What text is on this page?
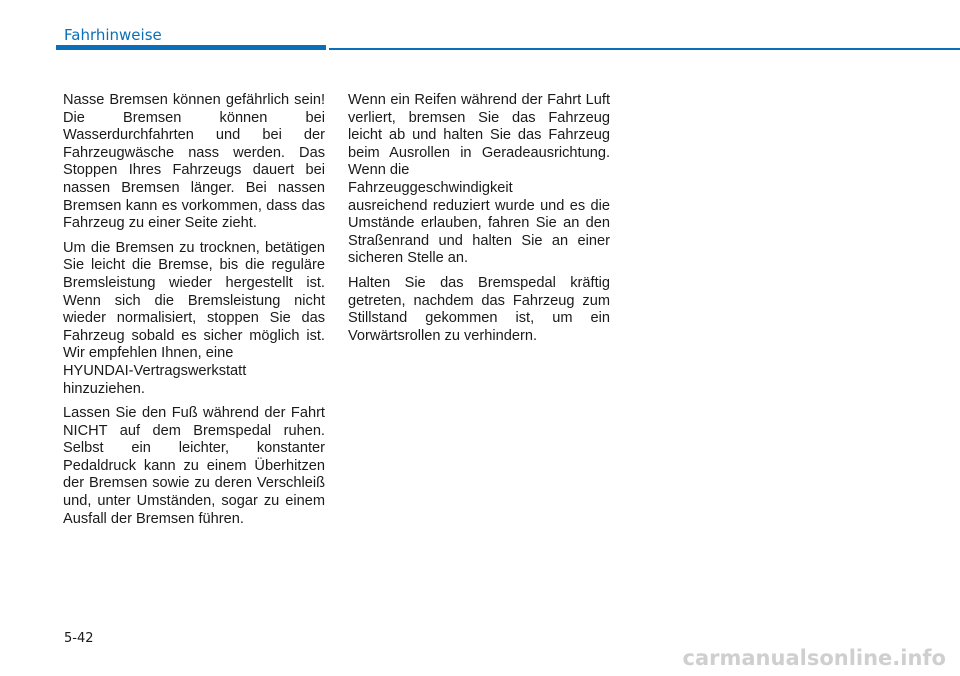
Fahrhinweise

Nasse Bremsen können gefährlich sein! Die Bremsen können bei Wasserdurchfahrten und bei der Fahrzeugwäsche nass werden. Das Stoppen Ihres Fahrzeugs dauert bei nassen Bremsen länger. Bei nassen Bremsen kann es vorkommen, dass das Fahrzeug zu einer Seite zieht.

Um die Bremsen zu trocknen, betätigen Sie leicht die Bremse, bis die reguläre Bremsleistung wieder hergestellt ist. Wenn sich die Bremsleistung nicht wieder normalisiert, stoppen Sie das Fahrzeug sobald es sicher möglich ist. Wir empfehlen Ihnen, eine
HYUNDAI-Vertragswerkstatt
hinzuziehen.

Lassen Sie den Fuß während der Fahrt NICHT auf dem Bremspedal ruhen. Selbst ein leichter, konstanter Pedaldruck kann zu einem Überhitzen der Bremsen sowie zu deren Verschleiß und, unter Umständen, sogar zu einem Ausfall der Bremsen führen.

Wenn ein Reifen während der Fahrt Luft verliert, bremsen Sie das Fahrzeug leicht ab und halten Sie das Fahrzeug beim Ausrollen in Geradeausrichtung. Wenn die
Fahrzeuggeschwindigkeit
ausreichend reduziert wurde und es die Umstände erlauben, fahren Sie an den Straßenrand und halten Sie an einer sicheren Stelle an.

Halten Sie das Bremspedal kräftig getreten, nachdem das Fahrzeug zum Stillstand gekommen ist, um ein Vorwärtsrollen zu verhindern.

5-42
carmanualsonline.info
